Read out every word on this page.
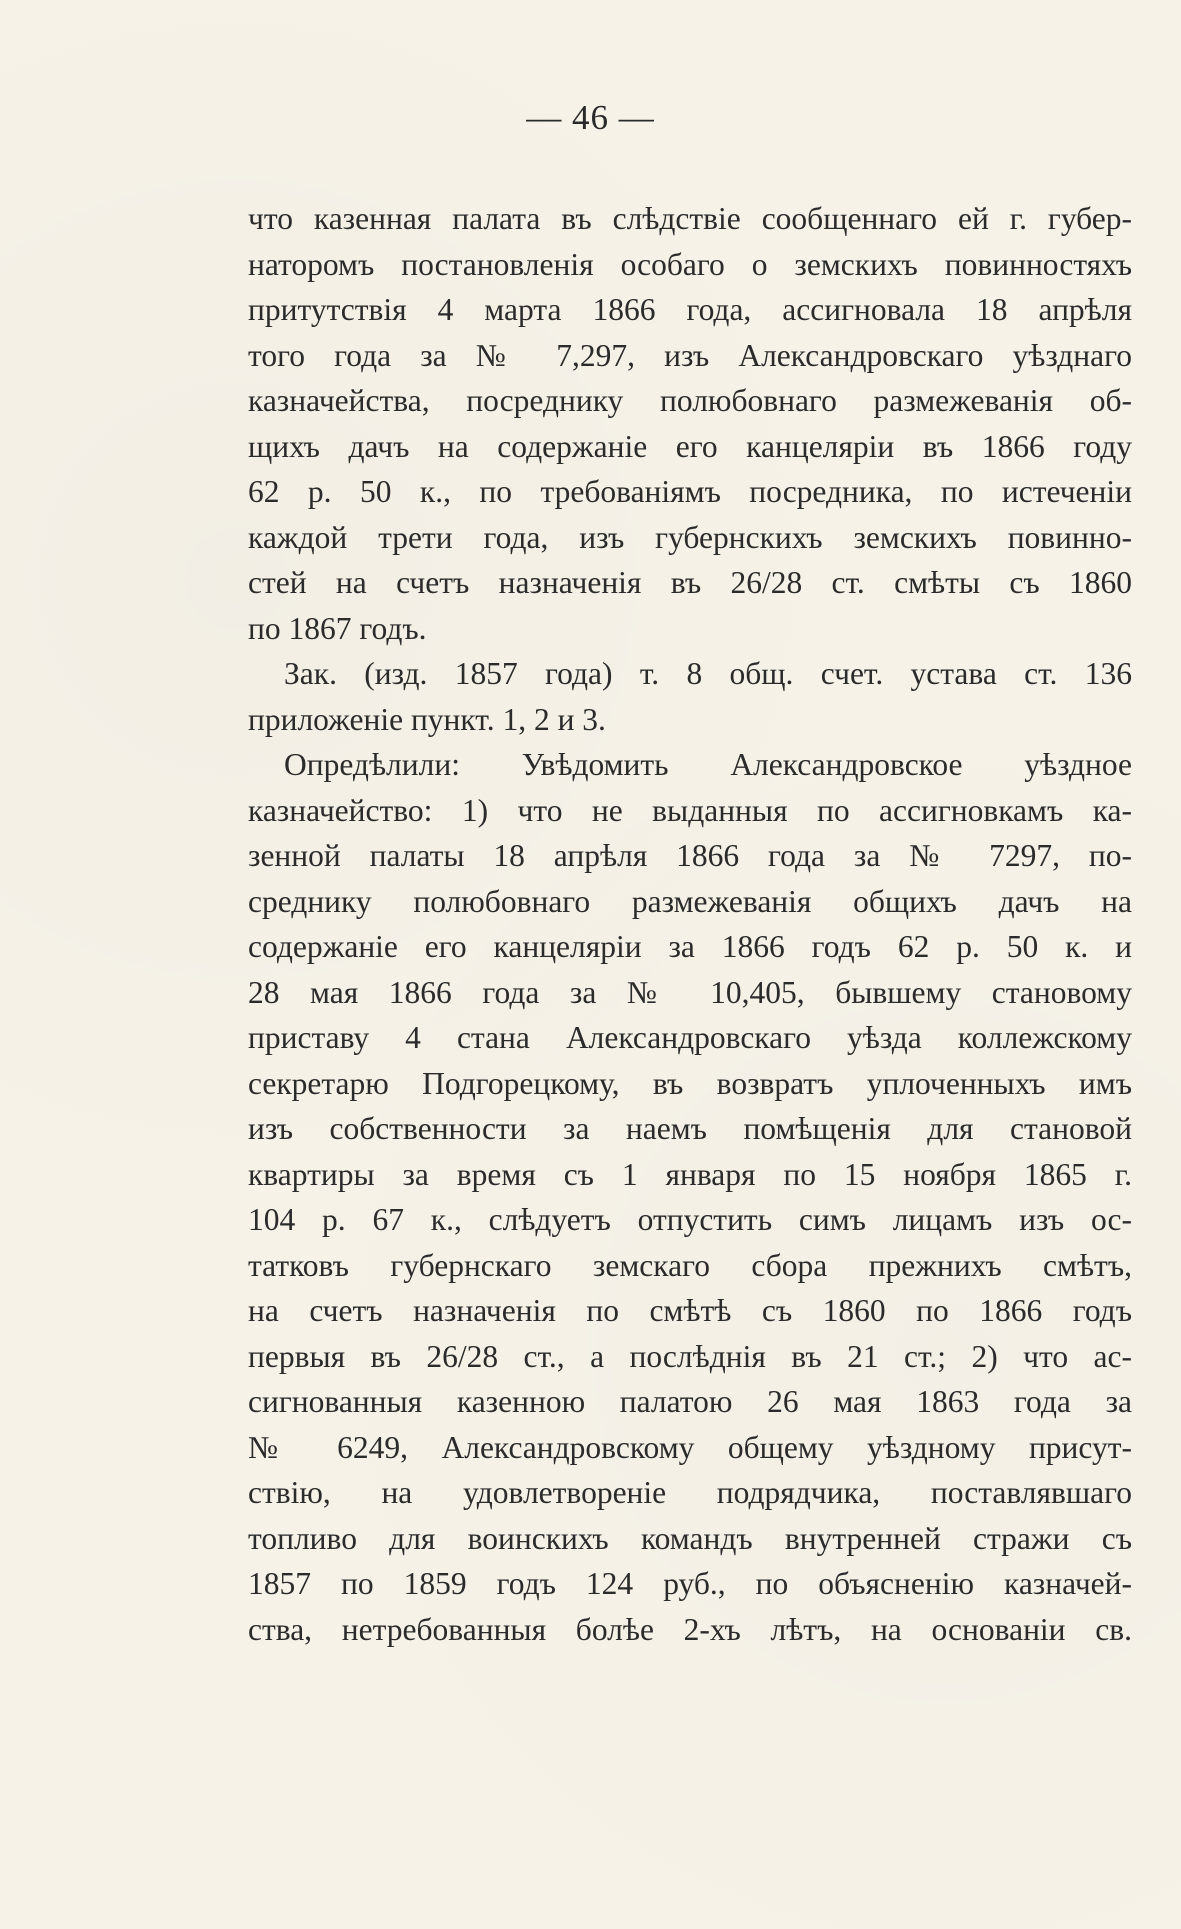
— 46 —
что казенная палата въ слѣдствіе сообщеннаго ей г. губер-
наторомъ постановленія особаго о земскихъ повинностяхъ
притутствія 4 марта 1866 года, ассигновала 18 апрѣля
того года за № 7,297, изъ Александровскаго уѣзднаго
казначейства, посреднику полюбовнаго размежеванія об-
щихъ дачъ на содержаніе его канцеляріи въ 1866 году
62 р. 50 к., по требованіямъ посредника, по истеченіи
каждой трети года, изъ губернскихъ земскихъ повинно-
стей на счетъ назначенія въ 26/28 ст. смѣты съ 1860
по 1867 годъ.
Зак. (изд. 1857 года) т. 8 общ. счет. устава ст. 136
приложеніе пункт. 1, 2 и 3.
Опредѣлили: Увѣдомить Александровское уѣздное
казначейство: 1) что не выданныя по ассигновкамъ ка-
зенной палаты 18 апрѣля 1866 года за № 7297, по-
среднику полюбовнаго размежеванія общихъ дачъ на
содержаніе его канцеляріи за 1866 годъ 62 р. 50 к. и
28 мая 1866 года за № 10,405, бывшему становому
приставу 4 стана Александровскаго уѣзда коллежскому
секретарю Подгорецкому, въ возвратъ уплоченныхъ имъ
изъ собственности за наемъ помѣщенія для становой
квартиры за время съ 1 января по 15 ноября 1865 г.
104 р. 67 к., слѣдуетъ отпустить симъ лицамъ изъ ос-
татковъ губернскаго земскаго сбора прежнихъ смѣтъ,
на счетъ назначенія по смѣтѣ съ 1860 по 1866 годъ
первыя въ 26/28 ст., а послѣднія въ 21 ст.; 2) что ас-
сигнованныя казенною палатою 26 мая 1863 года за
№ 6249, Александровскому общему уѣздному присут-
ствію, на удовлетвореніе подрядчика, поставлявшаго
топливо для воинскихъ командъ внутренней стражи съ
1857 по 1859 годъ 124 руб., по объясненію казначей-
ства, нетребованныя болѣе 2-хъ лѣтъ, на основаніи св.
